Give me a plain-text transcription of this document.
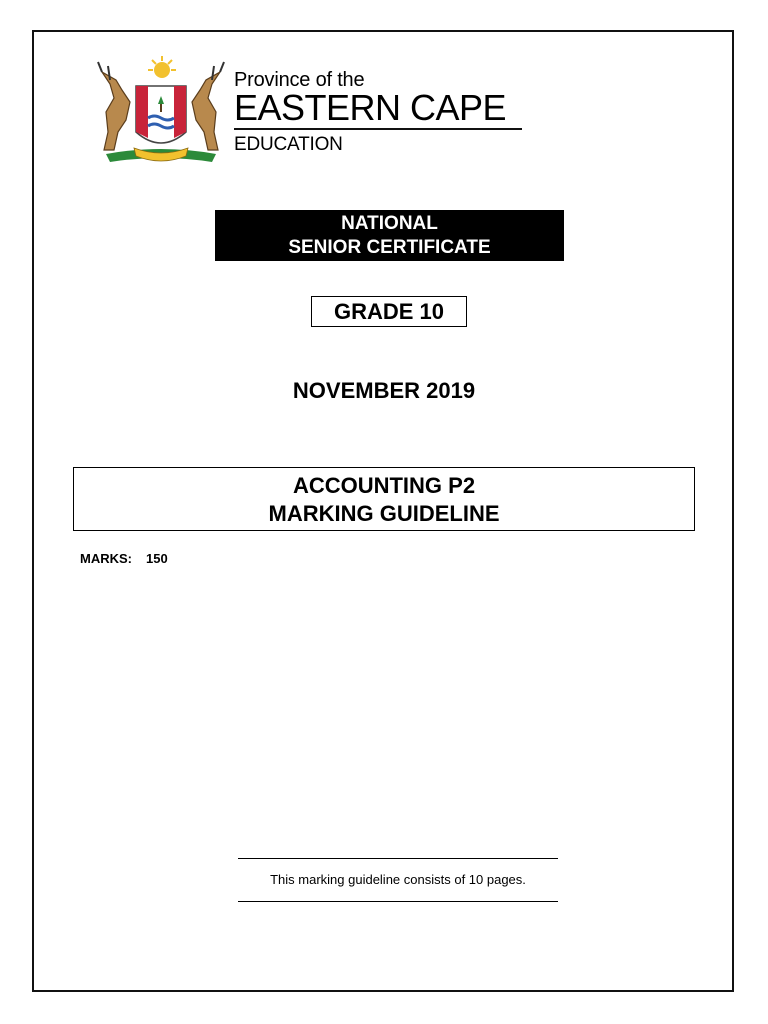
Province of the
EASTERN CAPE
EDUCATION
NATIONAL
SENIOR CERTIFICATE
GRADE 10
NOVEMBER 2019
ACCOUNTING P2
MARKING GUIDELINE
MARKS: 150
This marking guideline consists of 10 pages.
